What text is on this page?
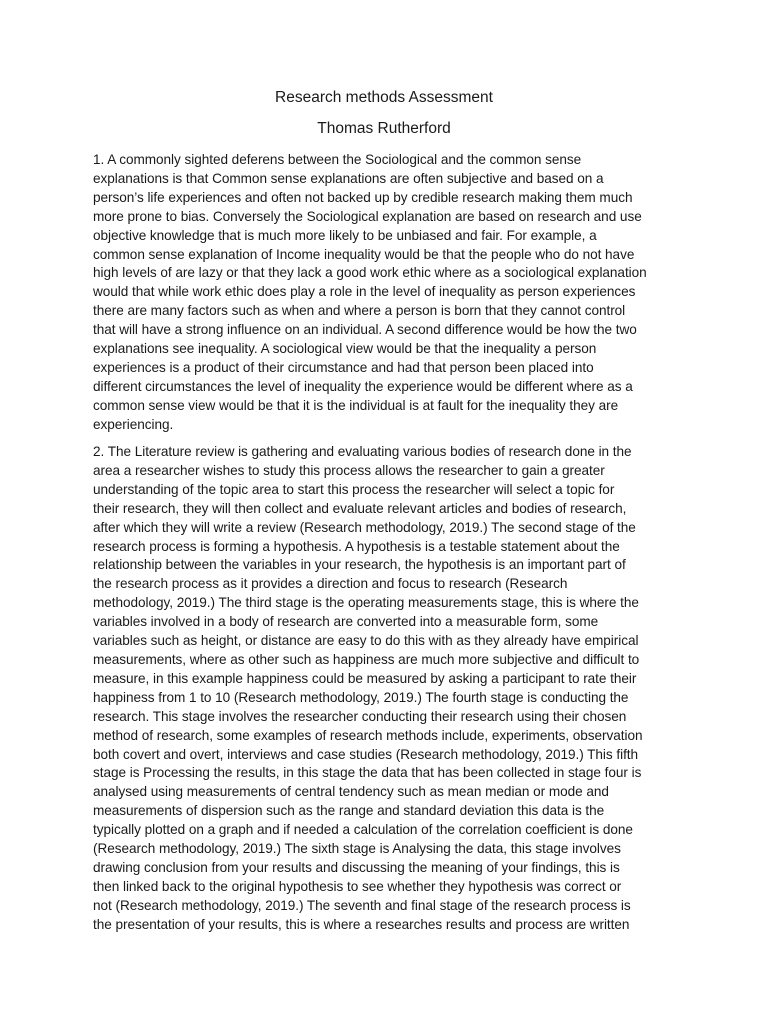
Research methods Assessment
Thomas Rutherford

1. A commonly sighted deferens between the Sociological and the common sense
explanations is that Common sense explanations are often subjective and based on a
person’s life experiences and often not backed up by credible research making them much
more prone to bias. Conversely the Sociological explanation are based on research and use
objective knowledge that is much more likely to be unbiased and fair. For example, a
common sense explanation of Income inequality would be that the people who do not have
high levels of are lazy or that they lack a good work ethic where as a sociological explanation
would that while work ethic does play a role in the level of inequality as person experiences
there are many factors such as when and where a person is born that they cannot control
that will have a strong influence on an individual. A second difference would be how the two
explanations see inequality. A sociological view would be that the inequality a person
experiences is a product of their circumstance and had that person been placed into
different circumstances the level of inequality the experience would be different where as a
common sense view would be that it is the individual is at fault for the inequality they are
experiencing.

2. The Literature review is gathering and evaluating various bodies of research done in the
area a researcher wishes to study this process allows the researcher to gain a greater
understanding of the topic area to start this process the researcher will select a topic for
their research, they will then collect and evaluate relevant articles and bodies of research,
after which they will write a review (Research methodology, 2019.) The second stage of the
research process is forming a hypothesis. A hypothesis is a testable statement about the
relationship between the variables in your research, the hypothesis is an important part of
the research process as it provides a direction and focus to research (Research
methodology, 2019.) The third stage is the operating measurements stage, this is where the
variables involved in a body of research are converted into a measurable form, some
variables such as height, or distance are easy to do this with as they already have empirical
measurements, where as other such as happiness are much more subjective and difficult to
measure, in this example happiness could be measured by asking a participant to rate their
happiness from 1 to 10 (Research methodology, 2019.) The fourth stage is conducting the
research. This stage involves the researcher conducting their research using their chosen
method of research, some examples of research methods include, experiments, observation
both covert and overt, interviews and case studies (Research methodology, 2019.) This fifth
stage is Processing the results, in this stage the data that has been collected in stage four is
analysed using measurements of central tendency such as mean median or mode and
measurements of dispersion such as the range and standard deviation this data is the
typically plotted on a graph and if needed a calculation of the correlation coefficient is done
(Research methodology, 2019.) The sixth stage is Analysing the data, this stage involves
drawing conclusion from your results and discussing the meaning of your findings, this is
then linked back to the original hypothesis to see whether they hypothesis was correct or
not (Research methodology, 2019.) The seventh and final stage of the research process is
the presentation of your results, this is where a researches results and process are written
